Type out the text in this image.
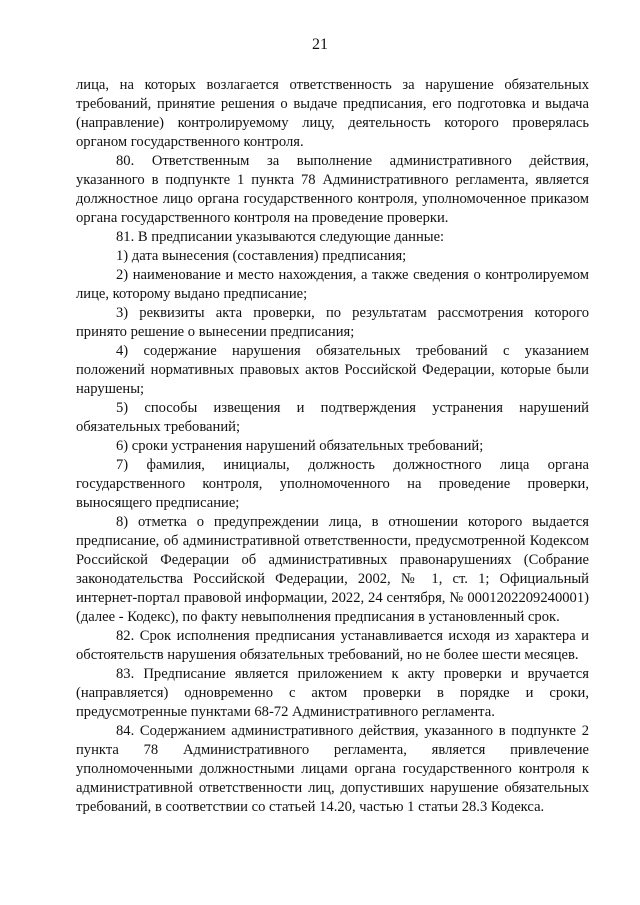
21

лица, на которых возлагается ответственность за нарушение обязательных требований, принятие решения о выдаче предписания, его подготовка и выдача (направление) контролируемому лицу, деятельность которого проверялась органом государственного контроля.

80. Ответственным за выполнение административного действия, указанного в подпункте 1 пункта 78 Административного регламента, является должностное лицо органа государственного контроля, уполномоченное приказом органа государственного контроля на проведение проверки.

81. В предписании указываются следующие данные:

1) дата вынесения (составления) предписания;

2) наименование и место нахождения, а также сведения о контролируемом лице, которому выдано предписание;

3) реквизиты акта проверки, по результатам рассмотрения которого принято решение о вынесении предписания;

4) содержание нарушения обязательных требований с указанием положений нормативных правовых актов Российской Федерации, которые были нарушены;

5) способы извещения и подтверждения устранения нарушений обязательных требований;

6) сроки устранения нарушений обязательных требований;

7) фамилия, инициалы, должность должностного лица органа государственного контроля, уполномоченного на проведение проверки, выносящего предписание;

8) отметка о предупреждении лица, в отношении которого выдается предписание, об административной ответственности, предусмотренной Кодексом Российской Федерации об административных правонарушениях (Собрание законодательства Российской Федерации, 2002, № 1, ст. 1; Официальный интернет-портал правовой информации, 2022, 24 сентября, № 0001202209240001) (далее - Кодекс), по факту невыполнения предписания в установленный срок.

82. Срок исполнения предписания устанавливается исходя из характера и обстоятельств нарушения обязательных требований, но не более шести месяцев.

83. Предписание является приложением к акту проверки и вручается (направляется) одновременно с актом проверки в порядке и сроки, предусмотренные пунктами 68-72 Административного регламента.

84. Содержанием административного действия, указанного в подпункте 2 пункта 78 Административного регламента, является привлечение уполномоченными должностными лицами органа государственного контроля к административной ответственности лиц, допустивших нарушение обязательных требований, в соответствии со статьей 14.20, частью 1 статьи 28.3 Кодекса.
